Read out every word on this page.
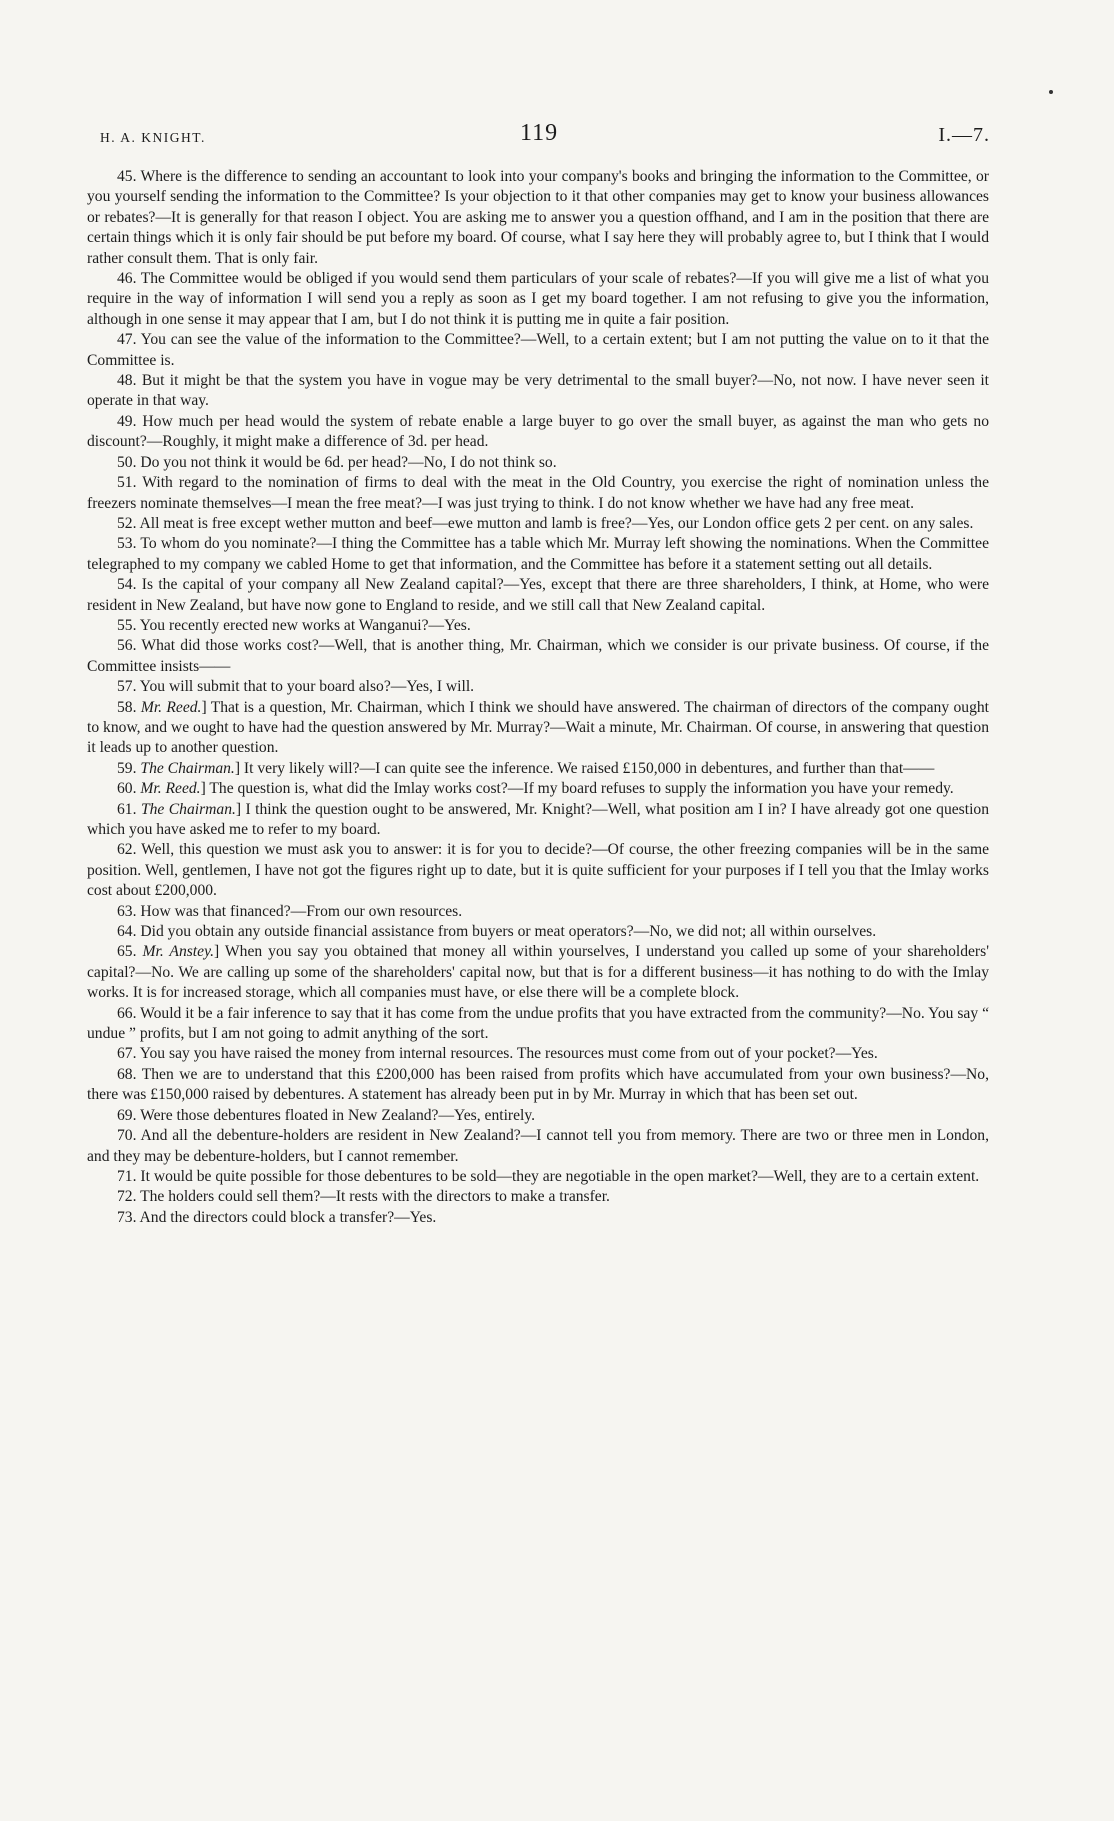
H. A. KNIGHT.	119	I.—7.

45. Where is the difference to sending an accountant to look into your company's books and bringing the information to the Committee, or you yourself sending the information to the Committee? Is your objection to it that other companies may get to know your business allowances or rebates?—It is generally for that reason I object. You are asking me to answer you a question offhand, and I am in the position that there are certain things which it is only fair should be put before my board. Of course, what I say here they will probably agree to, but I think that I would rather consult them. That is only fair.

46. The Committee would be obliged if you would send them particulars of your scale of rebates?—If you will give me a list of what you require in the way of information I will send you a reply as soon as I get my board together. I am not refusing to give you the information, although in one sense it may appear that I am, but I do not think it is putting me in quite a fair position.

47. You can see the value of the information to the Committee?—Well, to a certain extent; but I am not putting the value on to it that the Committee is.

48. But it might be that the system you have in vogue may be very detrimental to the small buyer?—No, not now. I have never seen it operate in that way.

49. How much per head would the system of rebate enable a large buyer to go over the small buyer, as against the man who gets no discount?—Roughly, it might make a difference of 3d. per head.

50. Do you not think it would be 6d. per head?—No, I do not think so.

51. With regard to the nomination of firms to deal with the meat in the Old Country, you exercise the right of nomination unless the freezers nominate themselves—I mean the free meat?—I was just trying to think. I do not know whether we have had any free meat.

52. All meat is free except wether mutton and beef—ewe mutton and lamb is free?—Yes, our London office gets 2 per cent. on any sales.

53. To whom do you nominate?—I thing the Committee has a table which Mr. Murray left showing the nominations. When the Committee telegraphed to my company we cabled Home to get that information, and the Committee has before it a statement setting out all details.

54. Is the capital of your company all New Zealand capital?—Yes, except that there are three shareholders, I think, at Home, who were resident in New Zealand, but have now gone to England to reside, and we still call that New Zealand capital.

55. You recently erected new works at Wanganui?—Yes.

56. What did those works cost?—Well, that is another thing, Mr. Chairman, which we consider is our private business. Of course, if the Committee insists——

57. You will submit that to your board also?—Yes, I will.

58. Mr. Reed.] That is a question, Mr. Chairman, which I think we should have answered. The chairman of directors of the company ought to know, and we ought to have had the question answered by Mr. Murray?—Wait a minute, Mr. Chairman. Of course, in answering that question it leads up to another question.

59. The Chairman.] It very likely will?—I can quite see the inference. We raised £150,000 in debentures, and further than that——

60. Mr. Reed.] The question is, what did the Imlay works cost?—If my board refuses to supply the information you have your remedy.

61. The Chairman.] I think the question ought to be answered, Mr. Knight?—Well, what position am I in? I have already got one question which you have asked me to refer to my board.

62. Well, this question we must ask you to answer: it is for you to decide?—Of course, the other freezing companies will be in the same position. Well, gentlemen, I have not got the figures right up to date, but it is quite sufficient for your purposes if I tell you that the Imlay works cost about £200,000.

63. How was that financed?—From our own resources.

64. Did you obtain any outside financial assistance from buyers or meat operators?—No, we did not; all within ourselves.

65. Mr. Anstey.] When you say you obtained that money all within yourselves, I understand you called up some of your shareholders' capital?—No. We are calling up some of the shareholders' capital now, but that is for a different business—it has nothing to do with the Imlay works. It is for increased storage, which all companies must have, or else there will be a complete block.

66. Would it be a fair inference to say that it has come from the undue profits that you have extracted from the community?—No. You say “ undue ” profits, but I am not going to admit anything of the sort.

67. You say you have raised the money from internal resources. The resources must come from out of your pocket?—Yes.

68. Then we are to understand that this £200,000 has been raised from profits which have accumulated from your own business?—No, there was £150,000 raised by debentures. A statement has already been put in by Mr. Murray in which that has been set out.

69. Were those debentures floated in New Zealand?—Yes, entirely.

70. And all the debenture-holders are resident in New Zealand?—I cannot tell you from memory. There are two or three men in London, and they may be debenture-holders, but I cannot remember.

71. It would be quite possible for those debentures to be sold—they are negotiable in the open market?—Well, they are to a certain extent.

72. The holders could sell them?—It rests with the directors to make a transfer.

73. And the directors could block a transfer?—Yes.
